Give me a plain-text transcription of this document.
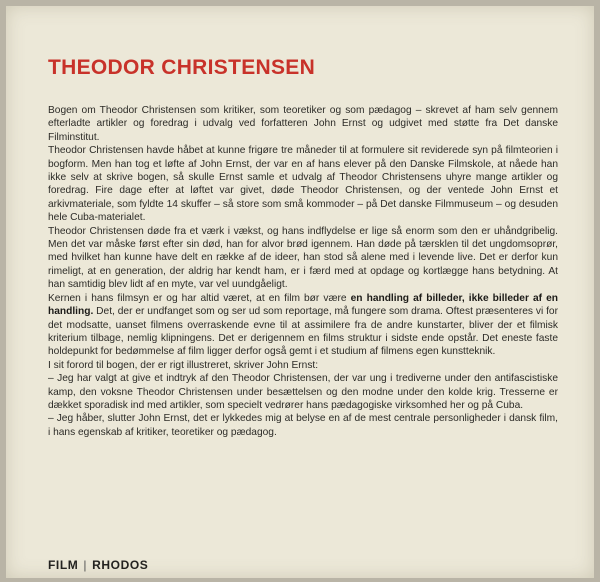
THEODOR CHRISTENSEN

Bogen om Theodor Christensen som kritiker, som teoretiker og som pædagog – skrevet af ham selv gennem efterladte artikler og foredrag i udvalg ved forfatteren John Ernst og udgivet med støtte fra Det danske Filminstitut.

Theodor Christensen havde håbet at kunne frigøre tre måneder til at formulere sit reviderede syn på filmteorien i bogform. Men han tog et løfte af John Ernst, der var en af hans elever på den Danske Filmskole, at nåede han ikke selv at skrive bogen, så skulle Ernst samle et udvalg af Theodor Christensens uhyre mange artikler og foredrag. Fire dage efter at løftet var givet, døde Theodor Christensen, og der ventede John Ernst et arkivmateriale, som fyldte 14 skuffer – så store som små kommoder – på Det danske Filmmuseum – og desuden hele Cuba-materialet.

Theodor Christensen døde fra et værk i vækst, og hans indflydelse er lige så enorm som den er uhåndgribelig. Men det var måske først efter sin død, han for alvor brød igennem. Han døde på tærsklen til det ungdomsoprør, med hvilket han kunne have delt en række af de ideer, han stod så alene med i levende live. Det er derfor kun rimeligt, at en generation, der aldrig har kendt ham, er i færd med at opdage og kortlægge hans betydning. At han samtidig blev lidt af en myte, var vel uundgåeligt.

Kernen i hans filmsyn er og har altid været, at en film bør være en handling af billeder, ikke billeder af en handling. Det, der er undfanget som og ser ud som reportage, må fungere som drama. Oftest præsenteres vi for det modsatte, uanset filmens overraskende evne til at assimilere fra de andre kunstarter, bliver der et filmisk kriterium tilbage, nemlig klipningens. Det er derigennem en films struktur i sidste ende opstår. Det eneste faste holdepunkt for bedømmelse af film ligger derfor også gemt i et studium af filmens egen kunstteknik.

I sit forord til bogen, der er rigt illustreret, skriver John Ernst:

– Jeg har valgt at give et indtryk af den Theodor Christensen, der var ung i trediverne under den antifascistiske kamp, den voksne Theodor Christensen under besættelsen og den modne under den kolde krig. Tressernе er dækket sporadisk ind med artikler, som specielt vedrører hans pædagogiske virksomhed her og på Cuba.

– Jeg håber, slutter John Ernst, det er lykkedes mig at belyse en af de mest centrale personligheder i dansk film, i hans egenskab af kritiker, teoretiker og pædagog.

FILM | RHODOS
